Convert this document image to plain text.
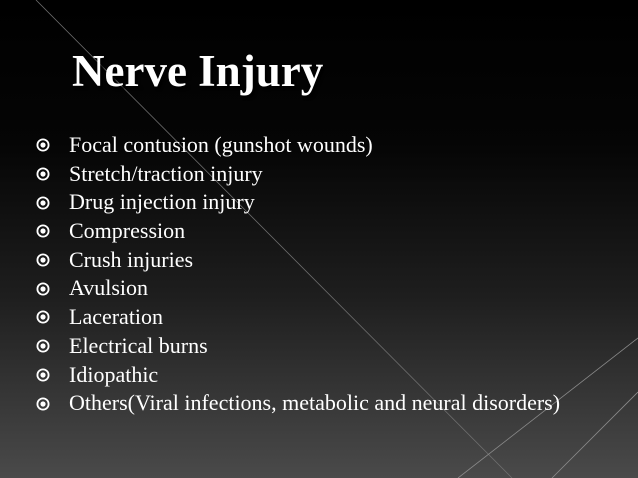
Nerve Injury
Focal contusion (gunshot wounds)
Stretch/traction injury
Drug injection injury
Compression
Crush injuries
Avulsion
Laceration
Electrical burns
Idiopathic
Others(Viral infections, metabolic and neural disorders)
